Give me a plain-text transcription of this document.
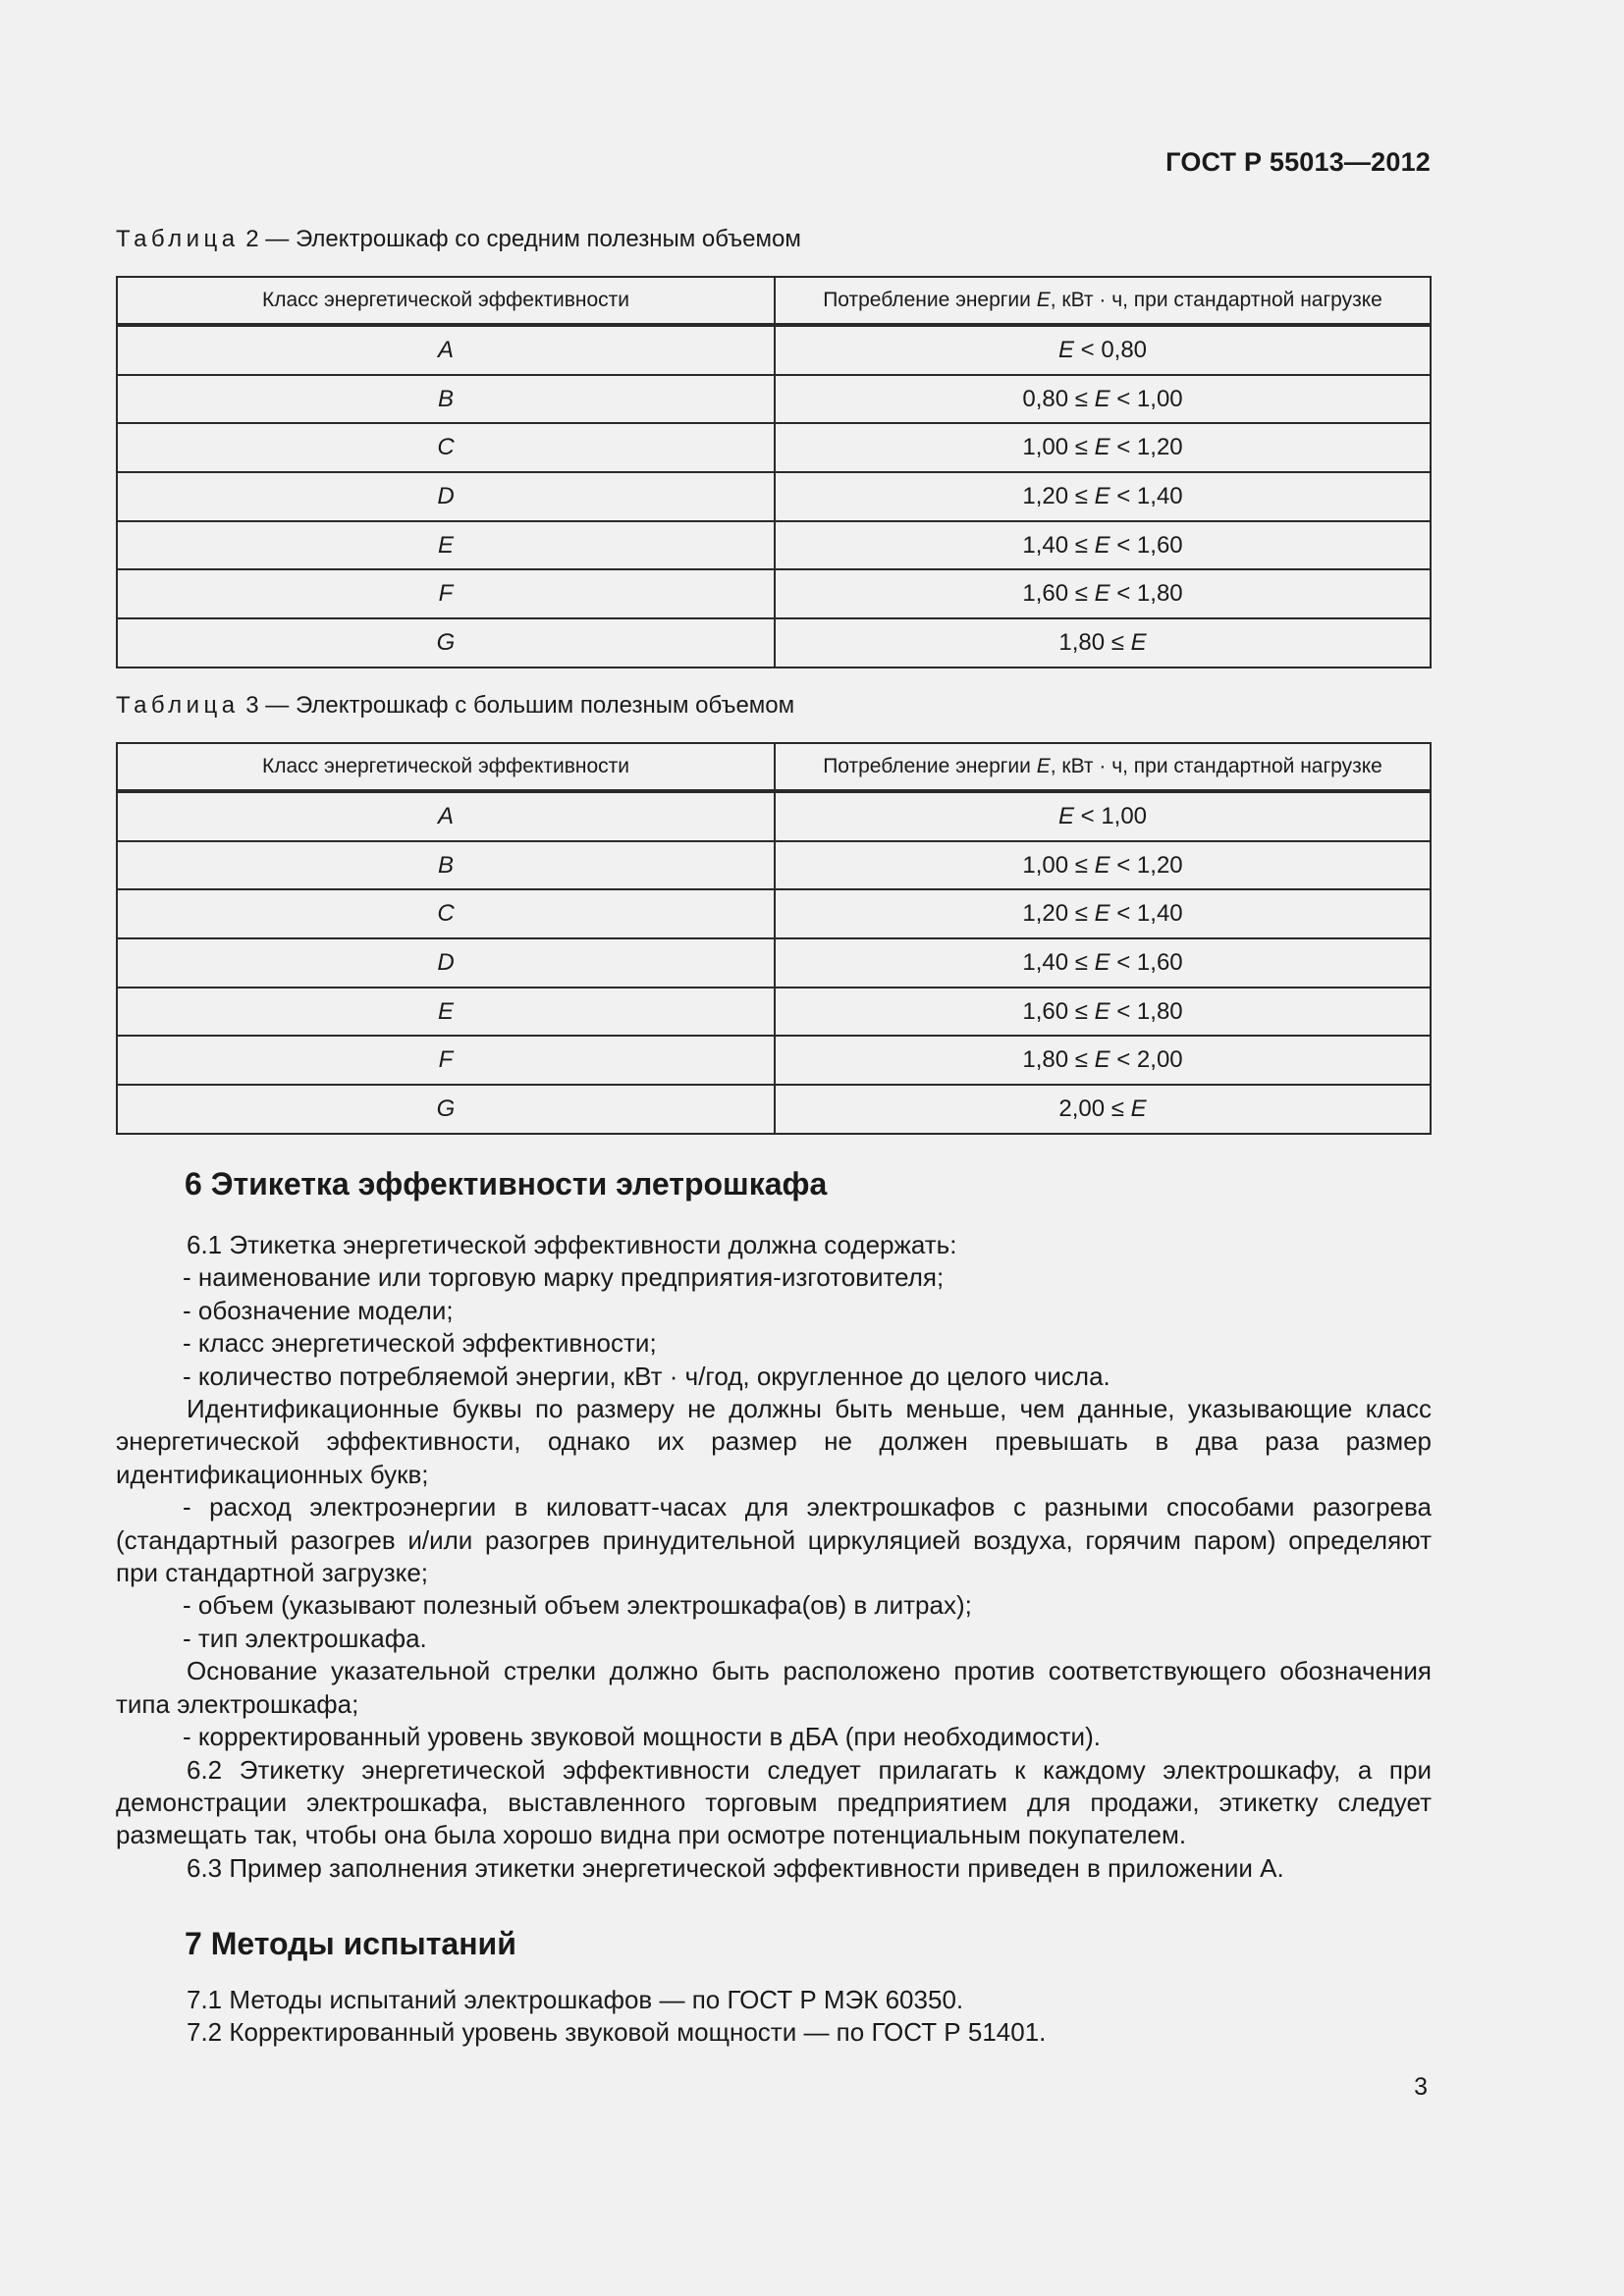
ГОСТ Р 55013—2012
Таблица 2 — Электрошкаф со средним полезным объемом
Класс энергетической эффективности	Потребление энергии E, кВт · ч, при стандартной нагрузке
A	E < 0,80
B	0,80 ≤ E < 1,00
C	1,00 ≤ E < 1,20
D	1,20 ≤ E < 1,40
E	1,40 ≤ E < 1,60
F	1,60 ≤ E < 1,80
G	1,80 ≤ E
Таблица 3 — Электрошкаф с большим полезным объемом
Класс энергетической эффективности	Потребление энергии E, кВт · ч, при стандартной нагрузке
A	E < 1,00
B	1,00 ≤ E < 1,20
C	1,20 ≤ E < 1,40
D	1,40 ≤ E < 1,60
E	1,60 ≤ E < 1,80
F	1,80 ≤ E < 2,00
G	2,00 ≤ E
6 Этикетка эффективности элетрошкафа

6.1 Этикетка энергетической эффективности должна содержать:

- наименование или торговую марку предприятия-изготовителя;

- обозначение модели;

- класс энергетической эффективности;

- количество потребляемой энергии, кВт · ч/год, округленное до целого числа.

Идентификационные буквы по размеру не должны быть меньше, чем данные, указывающие класс энергетической эффективности, однако их размер не должен превышать в два раза размер идентификационных букв;

- расход электроэнергии в киловатт-часах для электрошкафов с разными способами разогрева (стандартный разогрев и/или разогрев принудительной циркуляцией воздуха, горячим паром) определяют при стандартной загрузке;

- объем (указывают полезный объем электрошкафа(ов) в литрах);

- тип электрошкафа.

Основание указательной стрелки должно быть расположено против соответствующего обозначения типа электрошкафа;

- корректированный уровень звуковой мощности в дБА (при необходимости).

6.2 Этикетку энергетической эффективности следует прилагать к каждому электрошкафу, а при демонстрации электрошкафа, выставленного торговым предприятием для продажи, этикетку следует размещать так, чтобы она была хорошо видна при осмотре потенциальным покупателем.

6.3 Пример заполнения этикетки энергетической эффективности приведен в приложении А.

7 Методы испытаний

7.1 Методы испытаний электрошкафов — по ГОСТ Р МЭК 60350.

7.2 Корректированный уровень звуковой мощности — по ГОСТ Р 51401.

3
